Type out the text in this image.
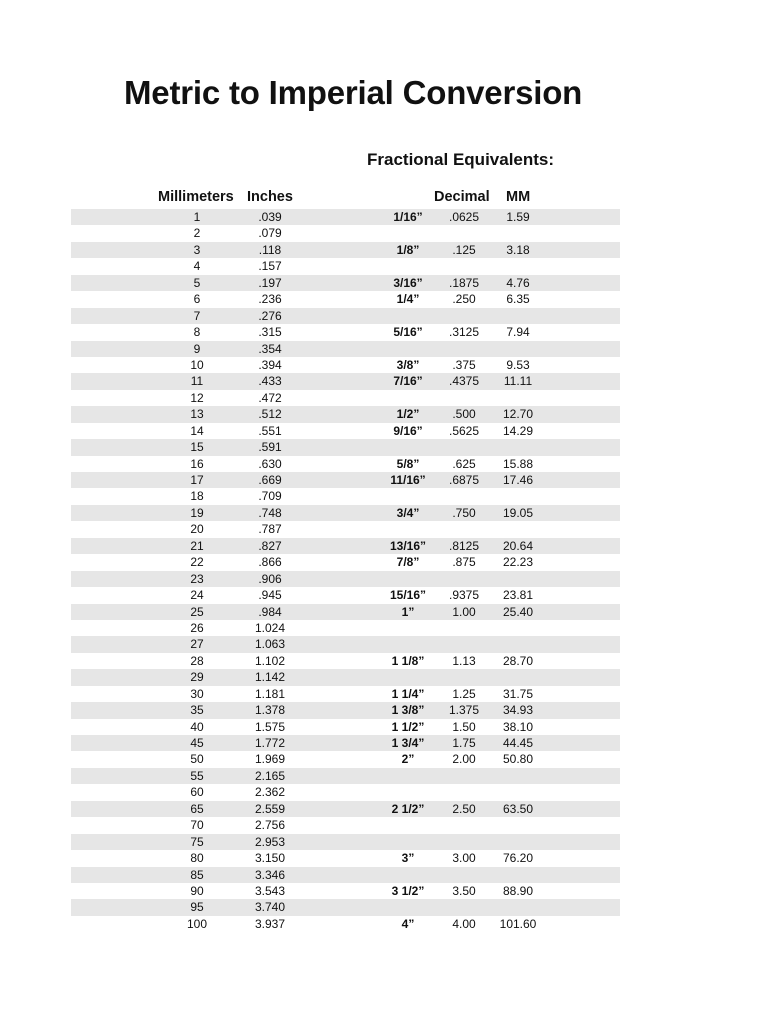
Metric to Imperial Conversion
Fractional Equivalents:
Millimeters Inches	Decimal MM
1	.039	1/16” .0625 1.59
2	.079
3	.118	1/8”	.125	3.18
4	.157
5	.197	3/16” .1875 4.76
6	.236	1/4”	.250	6.35
7	.276
8	.315	5/16” .3125 7.94
9	.354
10	.394	3/8”	.375	9.53
11	.433	7/16” .4375 11.11
12	.472
13	.512	1/2”	.500 12.70
14	.551	9/16” .5625 14.29
15	.591
16	.630	5/8”	.625 15.88
17	.669	11/16” .6875 17.46
18	.709
19	.748	3/4”	.750 19.05
20	.787
21	.827	13/16” .8125 20.64
22	.866	7/8”	.875 22.23
23	.906
24	.945	15/16” .9375 23.81
25	.984	1”	1.00 25.40
26	1.024
27	1.063
28	1.102	1 1/8” 1.13 28.70
29	1.142
30	1.181	1 1/4” 1.25 31.75
35	1.378	1 3/8” 1.375 34.93
40	1.575	1 1/2” 1.50 38.10
45	1.772	1 3/4” 1.75 44.45
50	1.969	2”	2.00 50.80
55	2.165
60	2.362
65	2.559	2 1/2” 2.50 63.50
70	2.756
75	2.953
80	3.150	3”	3.00 76.20
85	3.346
90	3.543	3 1/2” 3.50 88.90
95	3.740
100	3.937	4”	4.00 101.60
